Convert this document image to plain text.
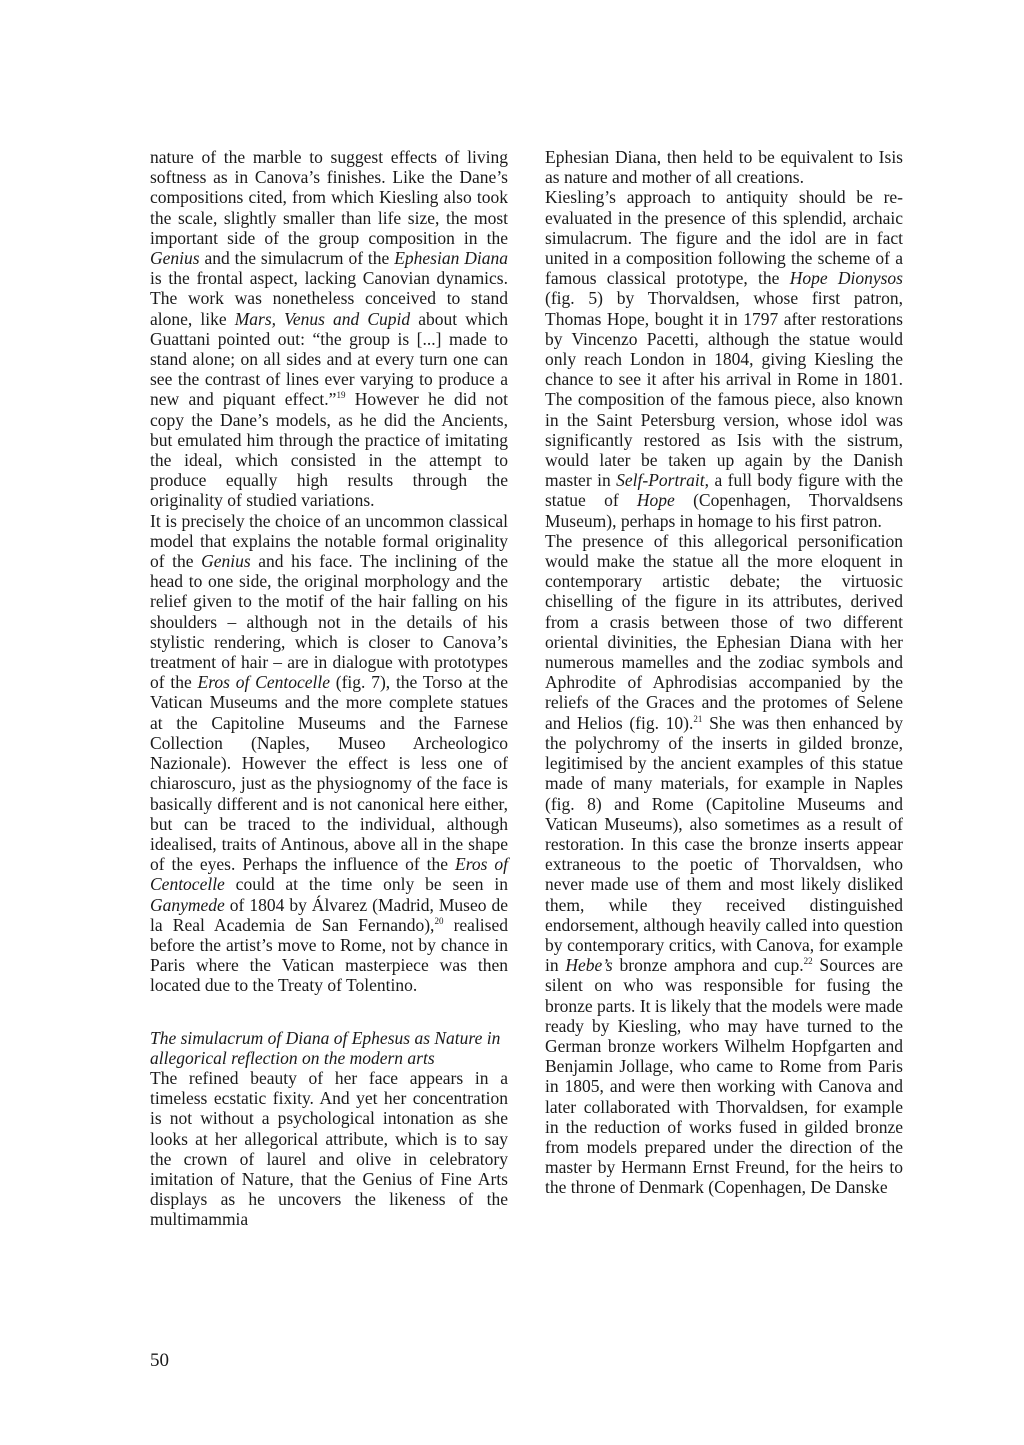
nature of the marble to suggest effects of living softness as in Canova’s finishes. Like the Dane’s compositions cited, from which Kiesling also took the scale, slightly smaller than life size, the most important side of the group composition in the Genius and the simulacrum of the Ephesian Diana is the frontal aspect, lacking Canovian dynamics. The work was nonetheless conceived to stand alone, like Mars, Venus and Cupid about which Guattani pointed out: “the group is [...] made to stand alone; on all sides and at every turn one can see the contrast of lines ever varying to produce a new and piquant effect.”$^{19}$ However he did not copy the Dane’s models, as he did the Ancients, but emulated him through the practice of imitating the ideal, which consisted in the attempt to produce equally high results through the originality of studied variations.

It is precisely the choice of an uncommon classical model that explains the notable formal originality of the Genius and his face. The inclining of the head to one side, the original morphology and the relief given to the motif of the hair falling on his shoulders – although not in the details of his stylistic rendering, which is closer to Canova’s treatment of hair – are in dialogue with prototypes of the Eros of Centocelle (fig. 7), the Torso at the Vatican Museums and the more complete statues at the Capitoline Museums and the Farnese Collection (Naples, Museo Archeologico Nazionale). However the effect is less one of chiaroscuro, just as the physiognomy of the face is basically different and is not canonical here either, but can be traced to the individual, although idealised, traits of Antinous, above all in the shape of the eyes. Perhaps the influence of the Eros of Centocelle could at the time only be seen in Ganymede of 1804 by Álvarez (Madrid, Museo de la Real Academia de San Fernando),$^{20}$ realised before the artist’s move to Rome, not by chance in Paris where the Vatican masterpiece was then located due to the Treaty of Tolentino.

The simulacrum of Diana of Ephesus as Nature in allegorical reflection on the modern arts

The refined beauty of her face appears in a timeless ecstatic fixity. And yet her concentration is not without a psychological intonation as she looks at her allegorical attribute, which is to say the crown of laurel and olive in celebratory imitation of Nature, that the Genius of Fine Arts displays as he uncovers the likeness of the multimammia

Ephesian Diana, then held to be equivalent to Isis as nature and mother of all creations.

Kiesling’s approach to antiquity should be re-evaluated in the presence of this splendid, archaic simulacrum. The figure and the idol are in fact united in a composition following the scheme of a famous classical prototype, the Hope Dionysos (fig. 5) by Thorvaldsen, whose first patron, Thomas Hope, bought it in 1797 after restorations by Vincenzo Pacetti, although the statue would only reach London in 1804, giving Kiesling the chance to see it after his arrival in Rome in 1801. The composition of the famous piece, also known in the Saint Petersburg version, whose idol was significantly restored as Isis with the sistrum, would later be taken up again by the Danish master in Self-Portrait, a full body figure with the statue of Hope (Copenhagen, Thorvaldsens Museum), perhaps in homage to his first patron.

The presence of this allegorical personification would make the statue all the more eloquent in contemporary artistic debate; the virtuosic chiselling of the figure in its attributes, derived from a crasis between those of two different oriental divinities, the Ephesian Diana with her numerous mamelles and the zodiac symbols and Aphrodite of Aphrodisias accompanied by the reliefs of the Graces and the protomes of Selene and Helios (fig. 10).$^{21}$ She was then enhanced by the polychromy of the inserts in gilded bronze, legitimised by the ancient examples of this statue made of many materials, for example in Naples (fig. 8) and Rome (Capitoline Museums and Vatican Museums), also sometimes as a result of restoration. In this case the bronze inserts appear extraneous to the poetic of Thorvaldsen, who never made use of them and most likely disliked them, while they received distinguished endorsement, although heavily called into question by contemporary critics, with Canova, for example in Hebe’s bronze amphora and cup.$^{22}$ Sources are silent on who was responsible for fusing the bronze parts. It is likely that the models were made ready by Kiesling, who may have turned to the German bronze workers Wilhelm Hopfgarten and Benjamin Jollage, who came to Rome from Paris in 1805, and were then working with Canova and later collaborated with Thorvaldsen, for example in the reduction of works fused in gilded bronze from models prepared under the direction of the master by Hermann Ernst Freund, for the heirs to the throne of Denmark (Copenhagen, De Danske

50
